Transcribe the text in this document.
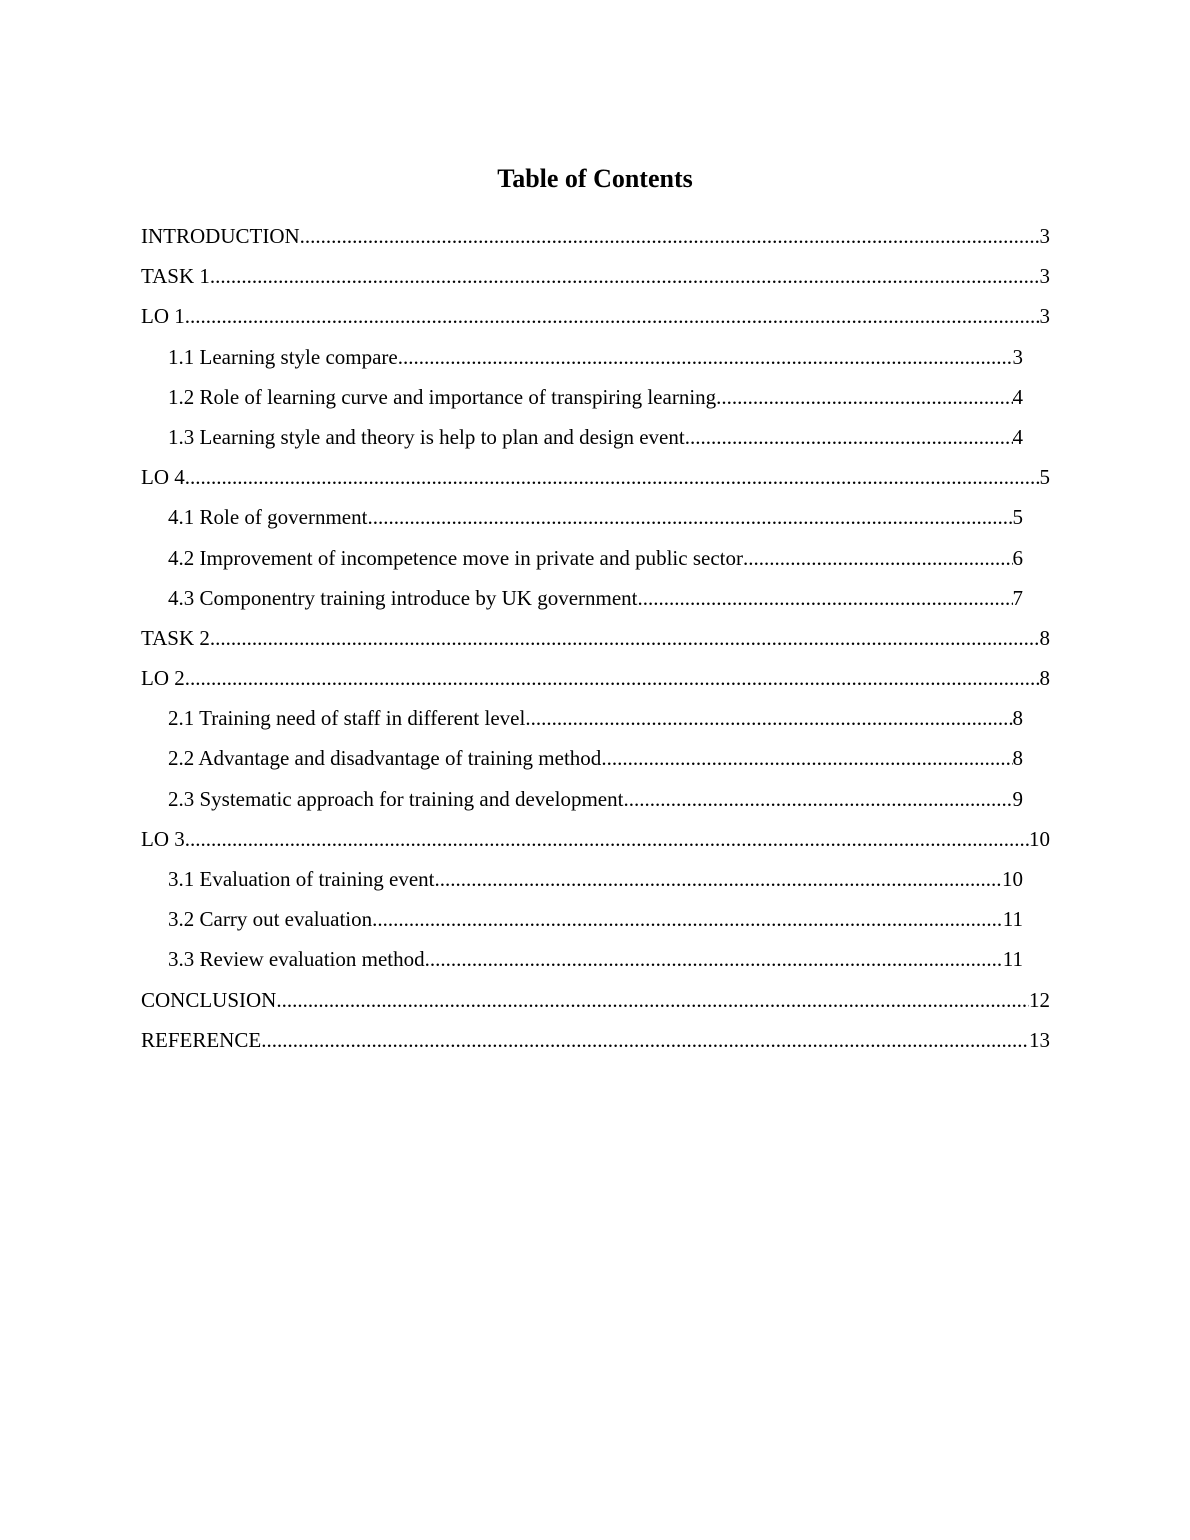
Table of Contents
INTRODUCTION .....	3
TASK 1 .....	3
LO 1 .....	3
1.1 Learning style compare .....	3
1.2 Role of learning curve and importance of transpiring learning .....	4
1.3 Learning style and theory is help to plan and design event .....	4
LO 4 .....	5
4.1 Role of government .....	5
4.2 Improvement of incompetence move in private and public sector .....	6
4.3 Componentry training introduce by UK government .....	7
TASK 2 .....	8
LO 2 .....	8
2.1 Training need of staff in different level .....	8
2.2 Advantage and disadvantage of training method .....	8
2.3 Systematic approach for training and development .....	9
LO 3 .....	10
3.1 Evaluation of training event .....	10
3.2 Carry out evaluation .....	11
3.3 Review evaluation method .....	11
CONCLUSION .....	12
REFERENCE .....	13
